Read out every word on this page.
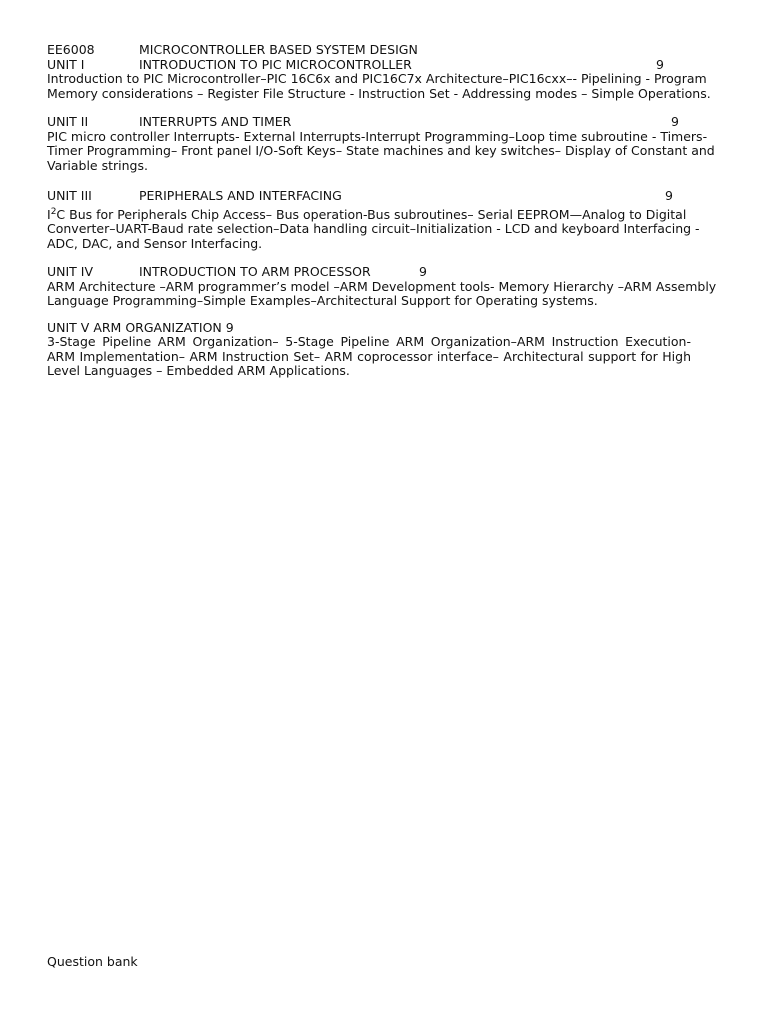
EE6008	MICROCONTROLLER BASED SYSTEM DESIGN
UNIT I	INTRODUCTION TO PIC MICROCONTROLLER	9

Introduction to PIC Microcontroller–PIC 16C6x and PIC16C7x Architecture–PIC16cxx–- Pipelining - Program Memory considerations – Register File Structure - Instruction Set - Addressing modes – Simple Operations.

UNIT II	INTERRUPTS AND TIMER	9

PIC micro controller Interrupts- External Interrupts-Interrupt Programming–Loop time subroutine - Timers-Timer Programming– Front panel I/O-Soft Keys– State machines and key switches– Display of Constant and Variable strings.

UNIT III	PERIPHERALS AND INTERFACING	9

$I^2C$ Bus for Peripherals Chip Access– Bus operation-Bus subroutines– Serial EEPROM—Analog to Digital Converter–UART-Baud rate selection–Data handling circuit–Initialization - LCD and keyboard Interfacing -ADC, DAC, and Sensor Interfacing.

UNIT IV	INTRODUCTION TO ARM PROCESSOR	9

ARM Architecture –ARM programmer’s model –ARM Development tools- Memory Hierarchy –ARM Assembly Language Programming–Simple Examples–Architectural Support for Operating systems.

UNIT V ARM ORGANIZATION 9

3-Stage Pipeline ARM Organization– 5-Stage Pipeline ARM Organization–ARM Instruction Execution- ARM Implementation– ARM Instruction Set– ARM coprocessor interface– Architectural support for High Level Languages – Embedded ARM Applications.

Question bank
